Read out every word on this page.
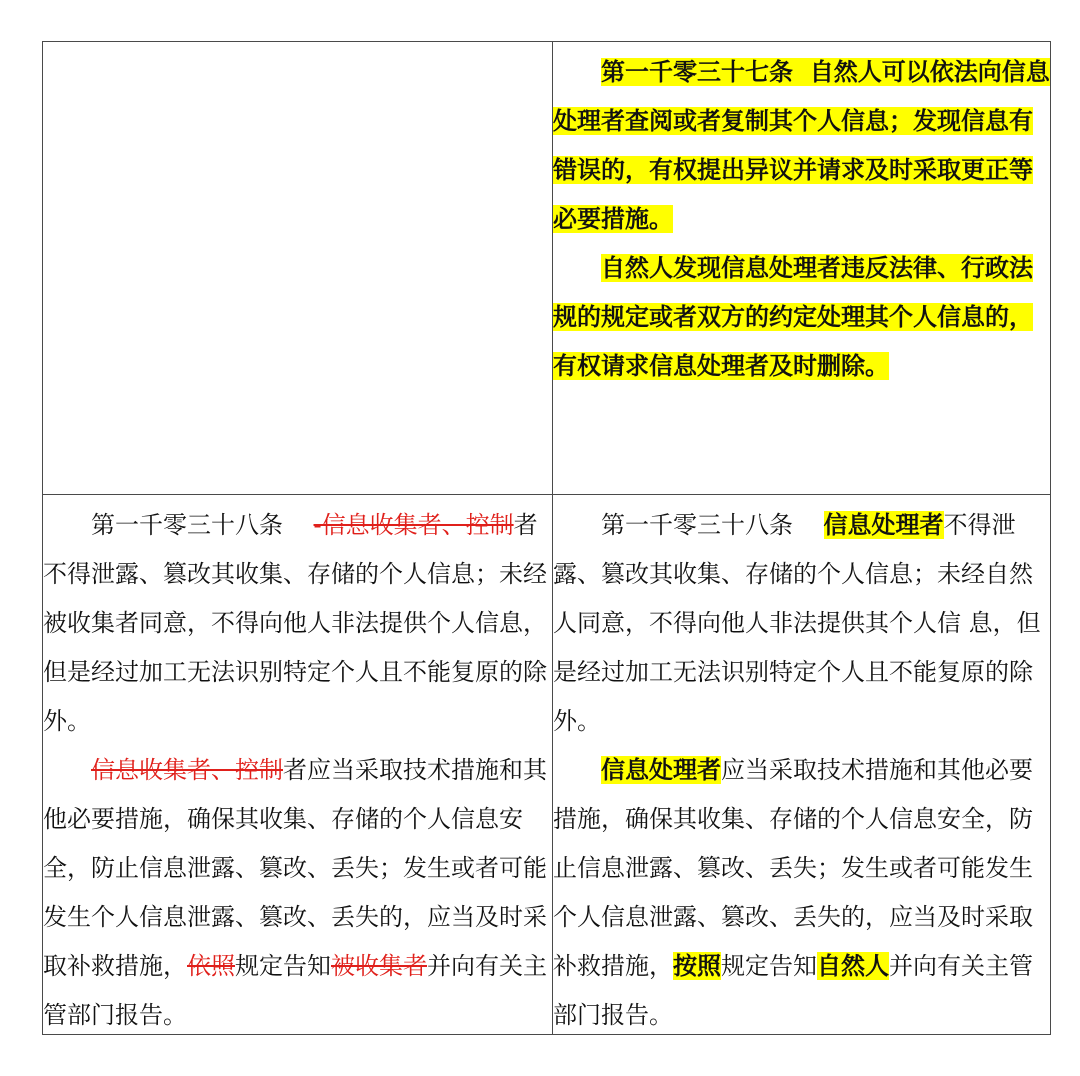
第一千零三十七条  自然人可以依法向信息处理者查阅或者复制其个人信息；发现信息有错误的，有权提出异议并请求及时采取更正等必要措施。

自然人发现信息处理者违反法律、行政法规的规定或者双方的约定处理其个人信息的，有权请求信息处理者及时删除。

第一千零三十八条    -信息收集者、控制者不得泄露、篡改其收集、存储的个人信息；未经被收集者同意，不得向他人非法提供个人信息，但是经过加工无法识别特定个人且不能复原的除外。

信息收集者、控制者应当采取技术措施和其他必要措施，确保其收集、存储的个人信息安全，防止信息泄露、篡改、丢失；发生或者可能发生个人信息泄露、篡改、丢失的，应当及时采取补救措施，依照规定告知被收集者并向有关主管部门报告。

第一千零三十八条    信息处理者不得泄露、篡改其收集、存储的个人信息；未经自然人同意，不得向他人非法提供其个人信 息，但是经过加工无法识别特定个人且不能复原的除外。

信息处理者应当采取技术措施和其他必要措施，确保其收集、存储的个人信息安全，防止信息泄露、篡改、丢失；发生或者可能发生个人信息泄露、篡改、丢失的，应当及时采取补救措施，按照规定告知自然人并向有关主管部门报告。
